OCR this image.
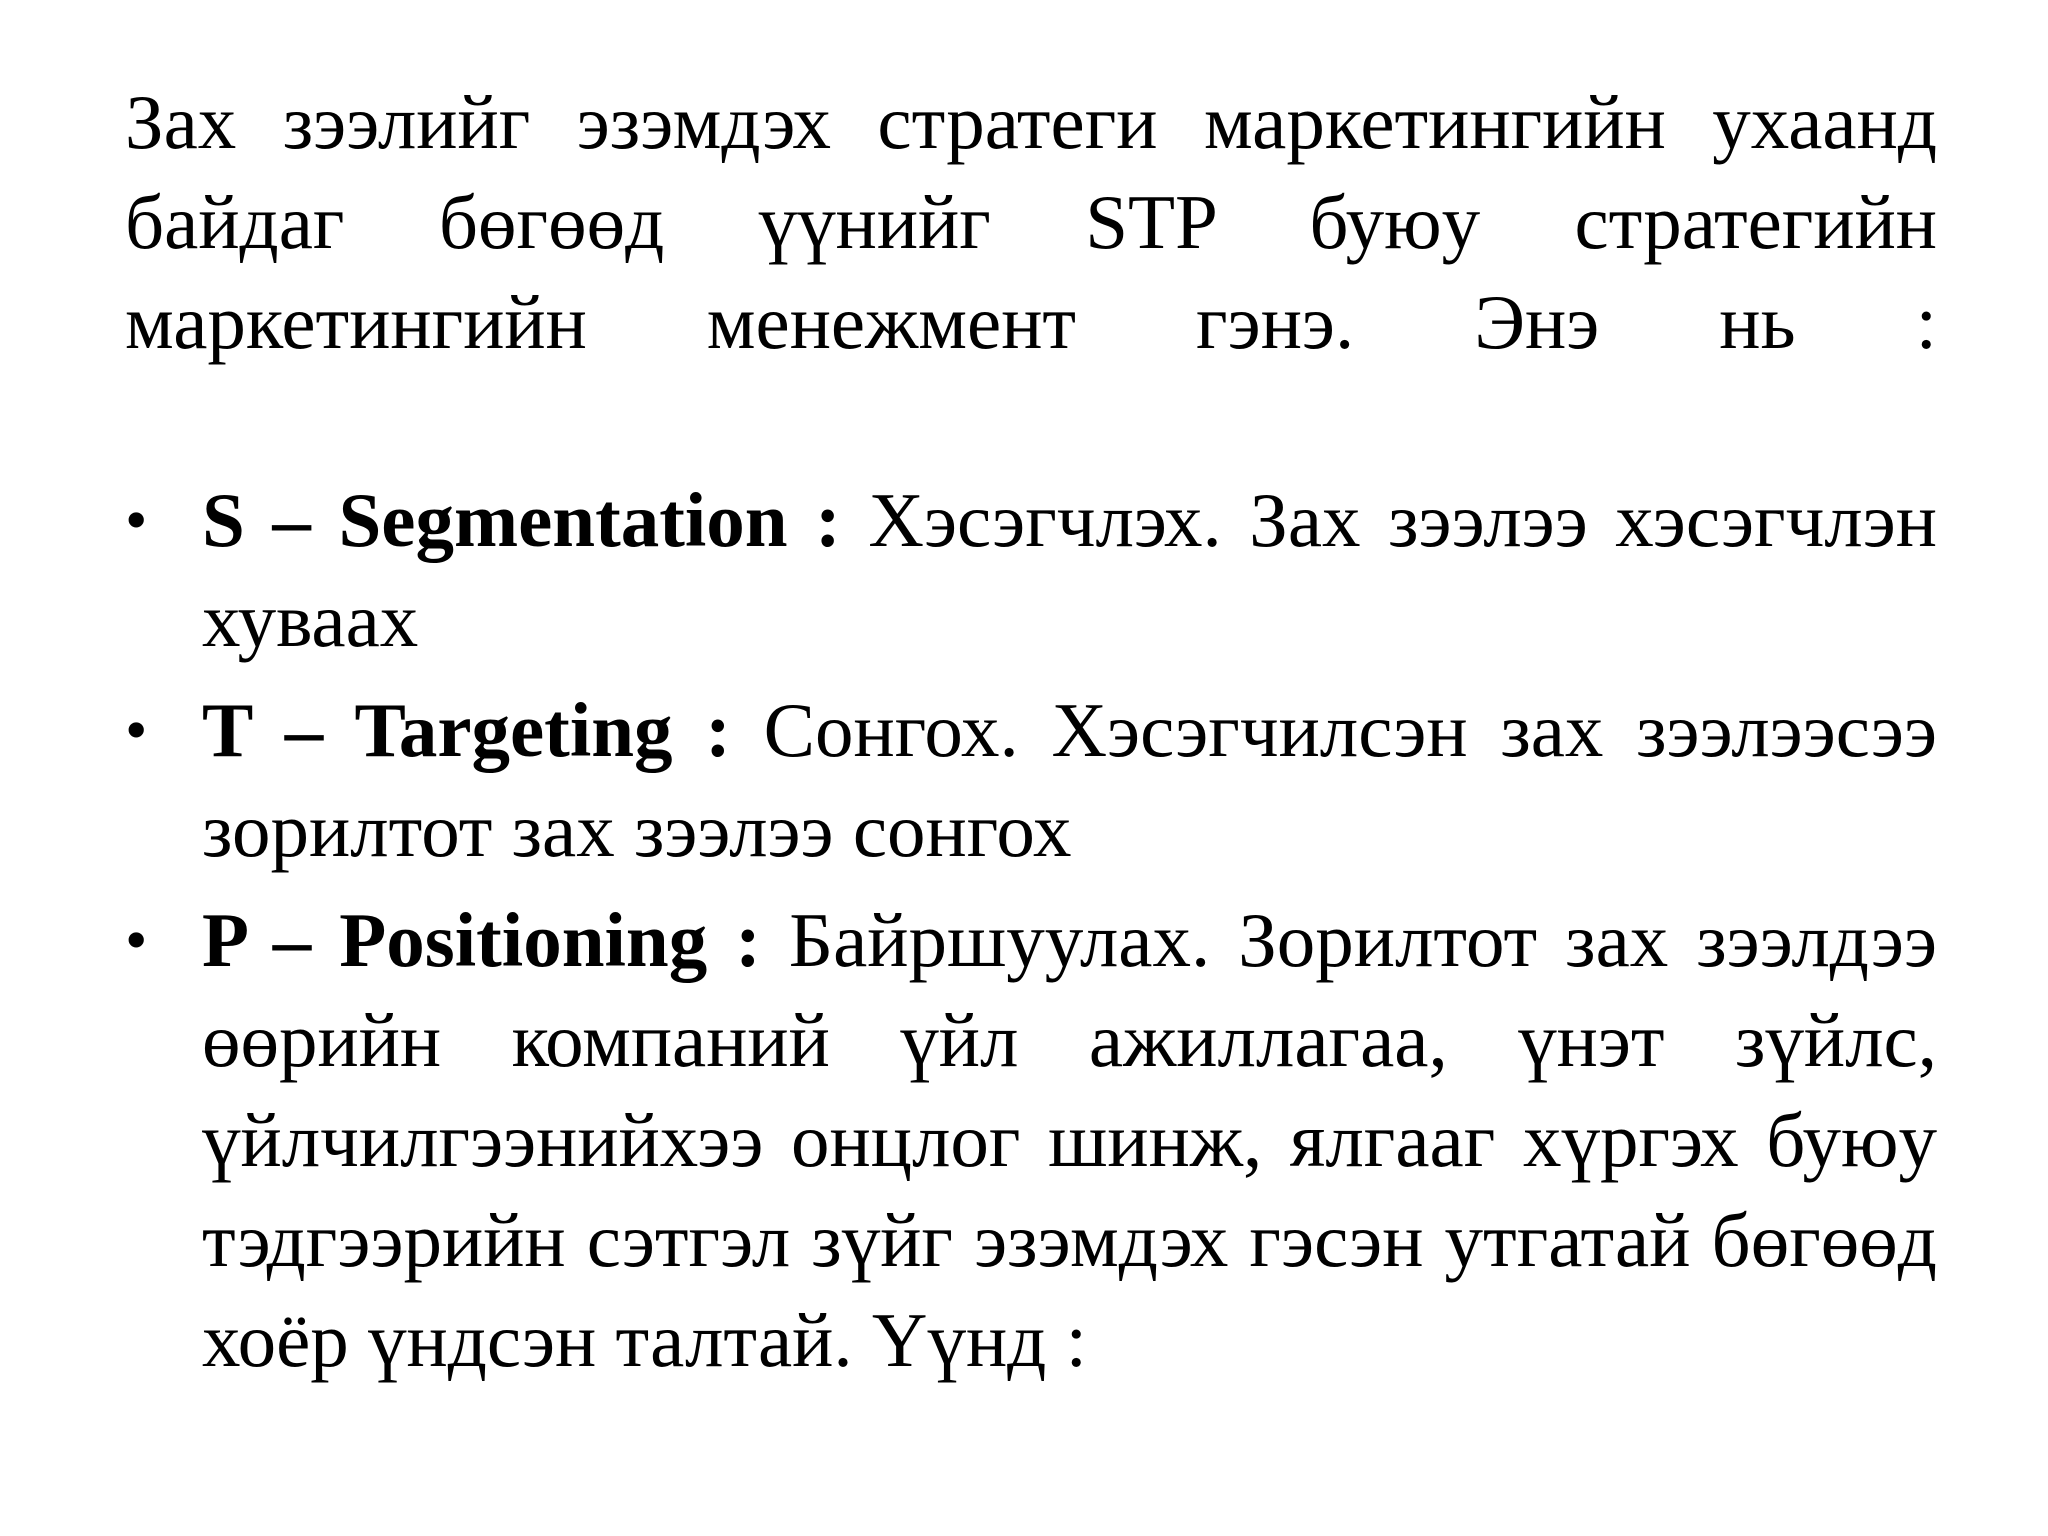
Зах зээлийг эзэмдэх стратеги маркетингийн ухаанд байдаг бөгөөд үүнийг STP буюу стратегийн маркетингийн менежмент гэнэ. Энэ нь :

• S – Segmentation : Хэсэгчлэх. Зах зээлээ хэсэгчлэн хуваах
• T – Targeting : Сонгох. Хэсэгчилсэн зах зээлээсээ зорилтот зах зээлээ сонгох
• P – Positioning : Байршуулах. Зорилтот зах зээлдээ өөрийн компаний үйл ажиллагаа, үнэт зүйлс, үйлчилгээнийхээ онцлог шинж, ялгааг хүргэх буюу тэдгээрийн сэтгэл зүйг эзэмдэх гэсэн утгатай бөгөөд хоёр үндсэн талтай. Үүнд :
